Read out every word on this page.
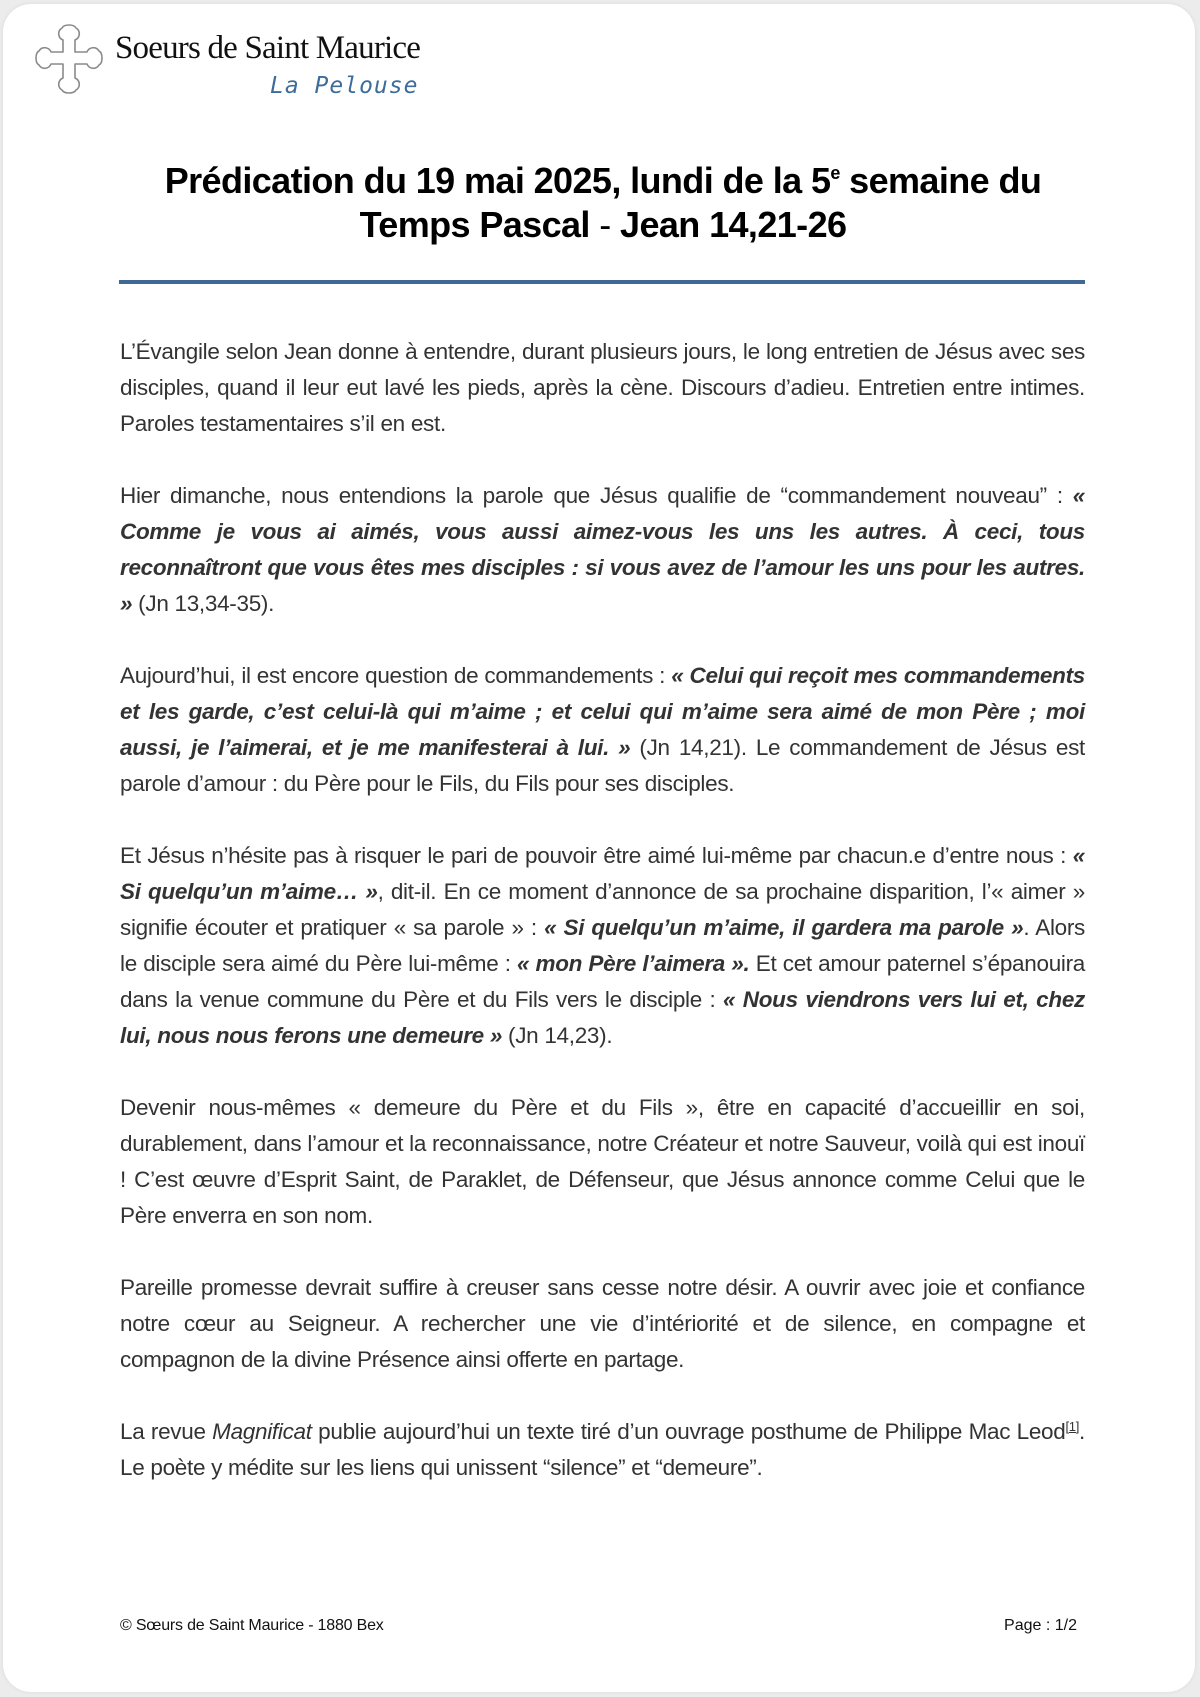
Soeurs de Saint Maurice
La Pelouse
Prédication du 19 mai 2025, lundi de la 5e semaine du Temps Pascal - Jean 14,21-26

L’Évangile selon Jean donne à entendre, durant plusieurs jours, le long entretien de Jésus avec ses disciples, quand il leur eut lavé les pieds, après la cène. Discours d’adieu. Entretien entre intimes. Paroles testamentaires s’il en est.

Hier dimanche, nous entendions la parole que Jésus qualifie de “commandement nouveau” : « Comme je vous ai aimés, vous aussi aimez-vous les uns les autres. À ceci, tous reconnaîtront que vous êtes mes disciples : si vous avez de l’amour les uns pour les autres. » (Jn 13,34-35).

Aujourd’hui, il est encore question de commandements : « Celui qui reçoit mes commandements et les garde, c’est celui-là qui m’aime ; et celui qui m’aime sera aimé de mon Père ; moi aussi, je l’aimerai, et je me manifesterai à lui. » (Jn 14,21). Le commandement de Jésus est parole d’amour : du Père pour le Fils, du Fils pour ses disciples.

Et Jésus n’hésite pas à risquer le pari de pouvoir être aimé lui-même par chacun.e d’entre nous : « Si quelqu’un m’aime… », dit-il. En ce moment d’annonce de sa prochaine disparition, l’« aimer » signifie écouter et pratiquer « sa parole » : « Si quelqu’un m’aime, il gardera ma parole ». Alors le disciple sera aimé du Père lui-même : « mon Père l’aimera ». Et cet amour paternel s’épanouira dans la venue commune du Père et du Fils vers le disciple : « Nous viendrons vers lui et, chez lui, nous nous ferons une demeure » (Jn 14,23).

Devenir nous-mêmes « demeure du Père et du Fils », être en capacité d’accueillir en soi, durablement, dans l’amour et la reconnaissance, notre Créateur et notre Sauveur, voilà qui est inouï ! C’est œuvre d’Esprit Saint, de Paraklet, de Défenseur, que Jésus annonce comme Celui que le Père enverra en son nom.

Pareille promesse devrait suffire à creuser sans cesse notre désir. A ouvrir avec joie et confiance notre cœur au Seigneur. A rechercher une vie d’intériorité et de silence, en compagne et compagnon de la divine Présence ainsi offerte en partage.

La revue Magnificat publie aujourd’hui un texte tiré d’un ouvrage posthume de Philippe Mac Leod[1]. Le poète y médite sur les liens qui unissent “silence” et “demeure”.

© Sœurs de Saint Maurice - 1880 Bex	Page : 1/2
